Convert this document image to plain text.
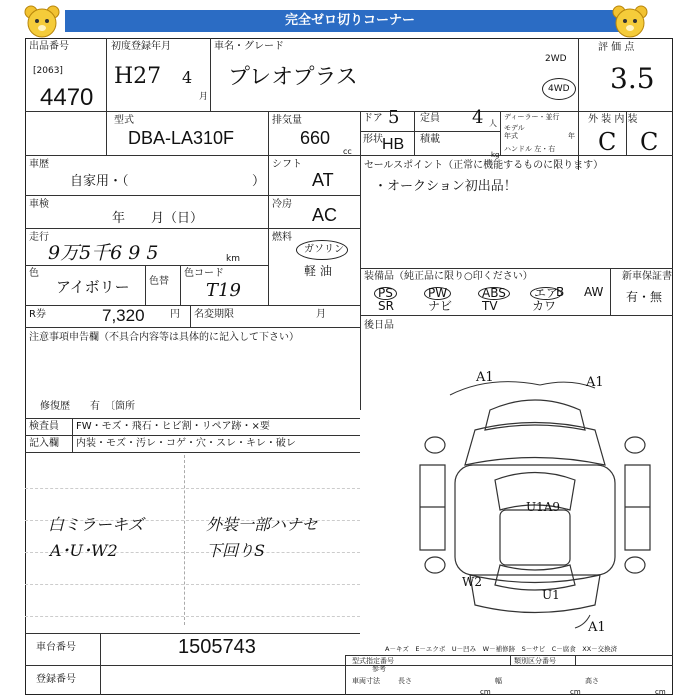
完全ゼロ切りコーナー
出品番号
[2063]
4470
初度登録年月
H27 4
月
車名・グレード
プレオプラス
2WD
4WD
評 価 点
3.5
型式
DBA-LA310F
排気量
660
cc
ドア 5 定員 4 人
形状 HB 積載
kg
ディーラー・並行
モデル
年式	年
ハンドル 左・右
外 装 内 装
C C
車歴
自家用・（	）
シフト
AT
車検
年　　月（日）
冷房
AC
走行
9万5千6 9 5	km
燃料
ガソリン
軽 油
色
アイボリー 色替
色コード
T19
R券	7,320	円 名変期限	月
注意事項申告欄（不具合内容等は具体的に記入して下さい）
修復歴　　有　〔箇所
セールスポイント（正常に機能するものに限ります）
・オークション初出品！
装備品（純正品に限り○印ください）	新車保証書
有・無
PS	PW	ABS	エア
B AW
SR	ナビ TV	カワ
後日品
検査員
記入欄
FW・モズ・飛石・ヒビ割・リペア跡・×要
内装・モズ・汚レ・コゲ・穴・スレ・キレ・破レ
白ミラーキズ
A･U･W2
外装一部ハナセ
下回りS
A1	A1
U1A9
W2
U1
A1
A－キズ　E－エクボ　U－凹み　W－補修跡　S－サビ　C－腐食　XX－交換済
車台番号	1505743
登録番号
型式指定番号
参考
類別区分番号
車両寸法	長さ
cm
幅
cm
高さ
cm
